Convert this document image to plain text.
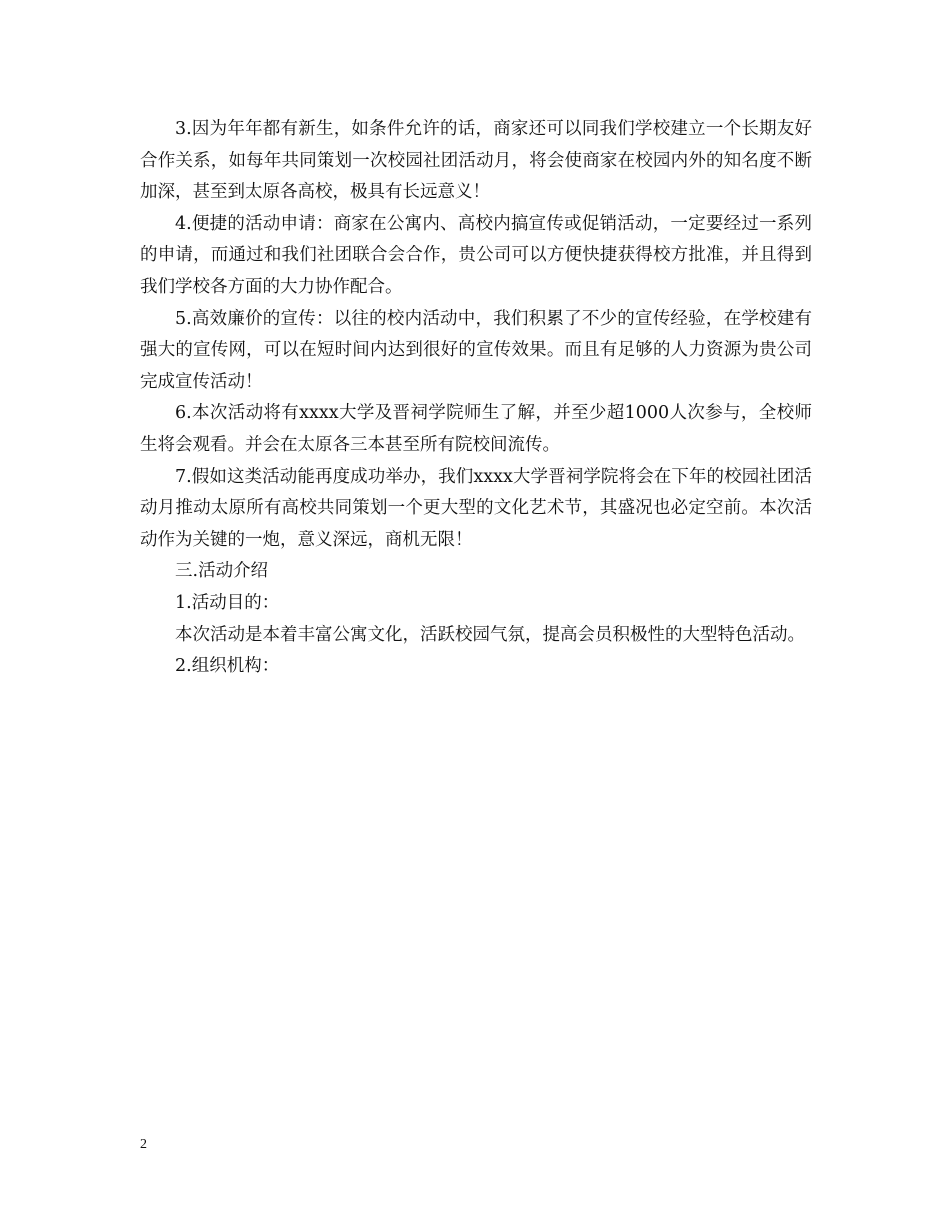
3.因为年年都有新生，如条件允许的话，商家还可以同我们学校建立一个长期友好合作关系，如每年共同策划一次校园社团活动月，将会使商家在校园内外的知名度不断加深，甚至到太原各高校，极具有长远意义！

4.便捷的活动申请：商家在公寓内、高校内搞宣传或促销活动，一定要经过一系列的申请，而通过和我们社团联合会合作，贵公司可以方便快捷获得校方批准，并且得到我们学校各方面的大力协作配合。

5.高效廉价的宣传：以往的校内活动中，我们积累了不少的宣传经验，在学校建有强大的宣传网，可以在短时间内达到很好的宣传效果。而且有足够的人力资源为贵公司完成宣传活动！

6.本次活动将有xxxx大学及晋祠学院师生了解，并至少超1000人次参与，全校师生将会观看。并会在太原各三本甚至所有院校间流传。

7.假如这类活动能再度成功举办，我们xxxx大学晋祠学院将会在下年的校园社团活动月推动太原所有高校共同策划一个更大型的文化艺术节，其盛况也必定空前。本次活动作为关键的一炮，意义深远，商机无限！

三.活动介绍

1.活动目的：

本次活动是本着丰富公寓文化，活跃校园气氛，提高会员积极性的大型特色活动。

2.组织机构：

2
